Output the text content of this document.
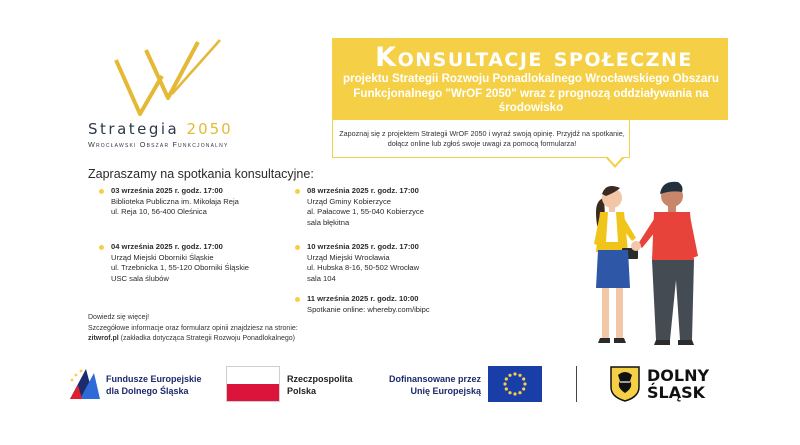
Strategia 2050
Wrocławski Obszar Funkcjonalny
Konsultacje społeczne
projektu Strategii Rozwoju Ponadlokalnego Wrocławskiego Obszaru Funkcjonalnego "WrOF 2050" wraz z prognozą oddziaływania na środowisko
Zapoznaj się z projektem Strategii WrOF 2050 i wyraź swoją opinię. Przyjdź na spotkanie, dołącz online lub zgłoś swoje uwagi za pomocą formularza!
Zapraszamy na spotkania konsultacyjne:
03 września 2025 r. godz. 17:00
Biblioteka Publiczna im. Mikołaja Reja
ul. Reja 10, 56-400 Oleśnica
04 września 2025 r. godz. 17:00
Urząd Miejski Oborniki Śląskie
ul. Trzebnicka 1, 55-120 Oborniki Śląskie
USC sala ślubów
08 września 2025 r. godz. 17:00
Urząd Gminy Kobierzyce
al. Pałacowe 1, 55-040 Kobierzyce
sala błękitna
10 września 2025 r. godz. 17:00
Urząd Miejski Wrocławia
ul. Hubska 8-16, 50-502 Wrocław
sala 104
11 września 2025 r. godz. 10:00
Spotkanie online: whereby.com/ibipc
Dowiedz się więcej!
Szczegółowe informacje oraz formularz opinii znajdziesz na stronie:
zitwrof.pl (zakładka dotycząca Strategii Rozwoju Ponadlokalnego)
Fundusze Europejskie
dla Dolnego Śląska
Rzeczpospolita
Polska
Dofinansowane przez
Unię Europejską
DOLNY
ŚLĄSK
